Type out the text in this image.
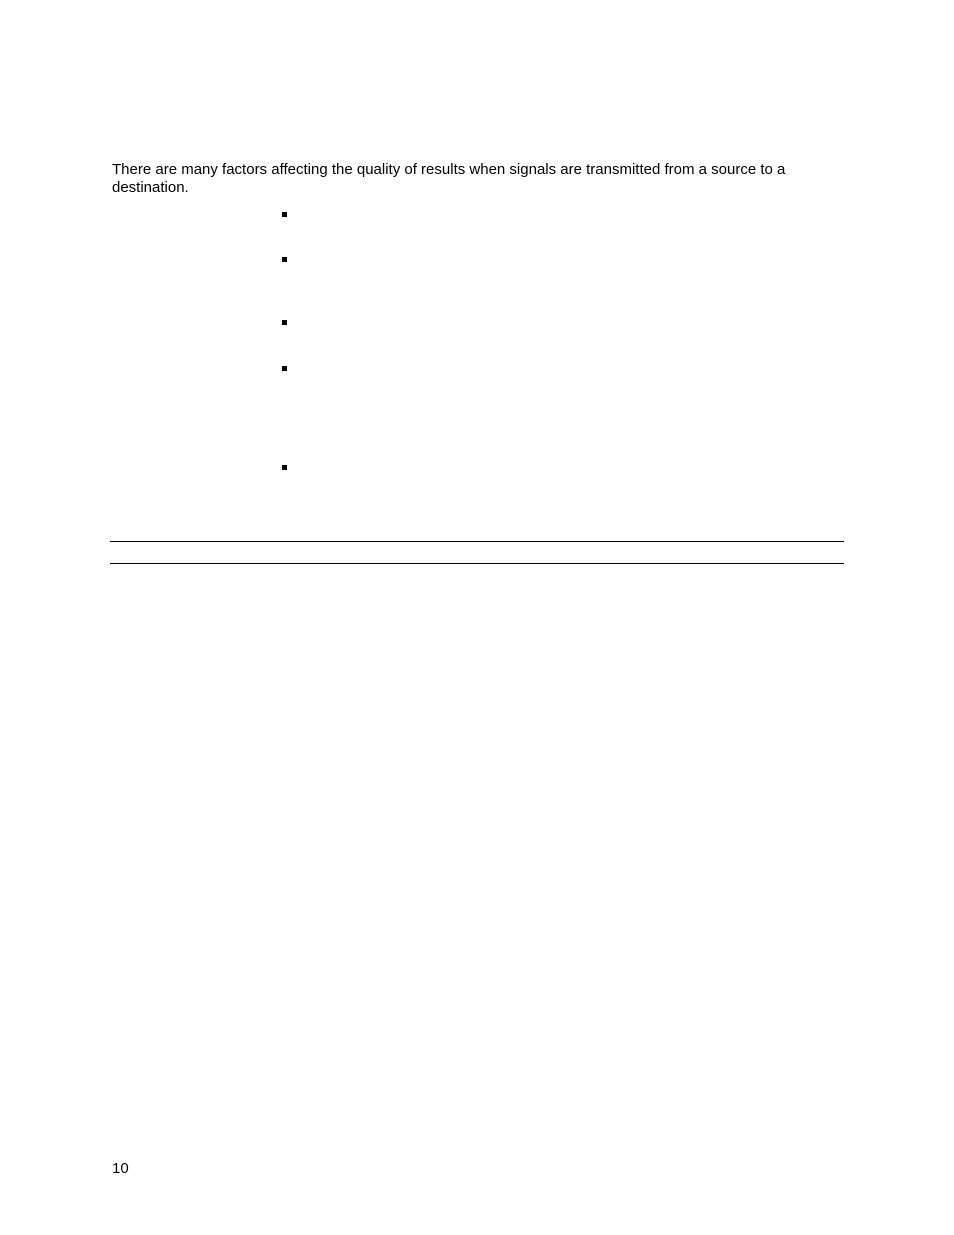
There are many factors affecting the quality of results when signals are transmitted from a source to a destination.

10
